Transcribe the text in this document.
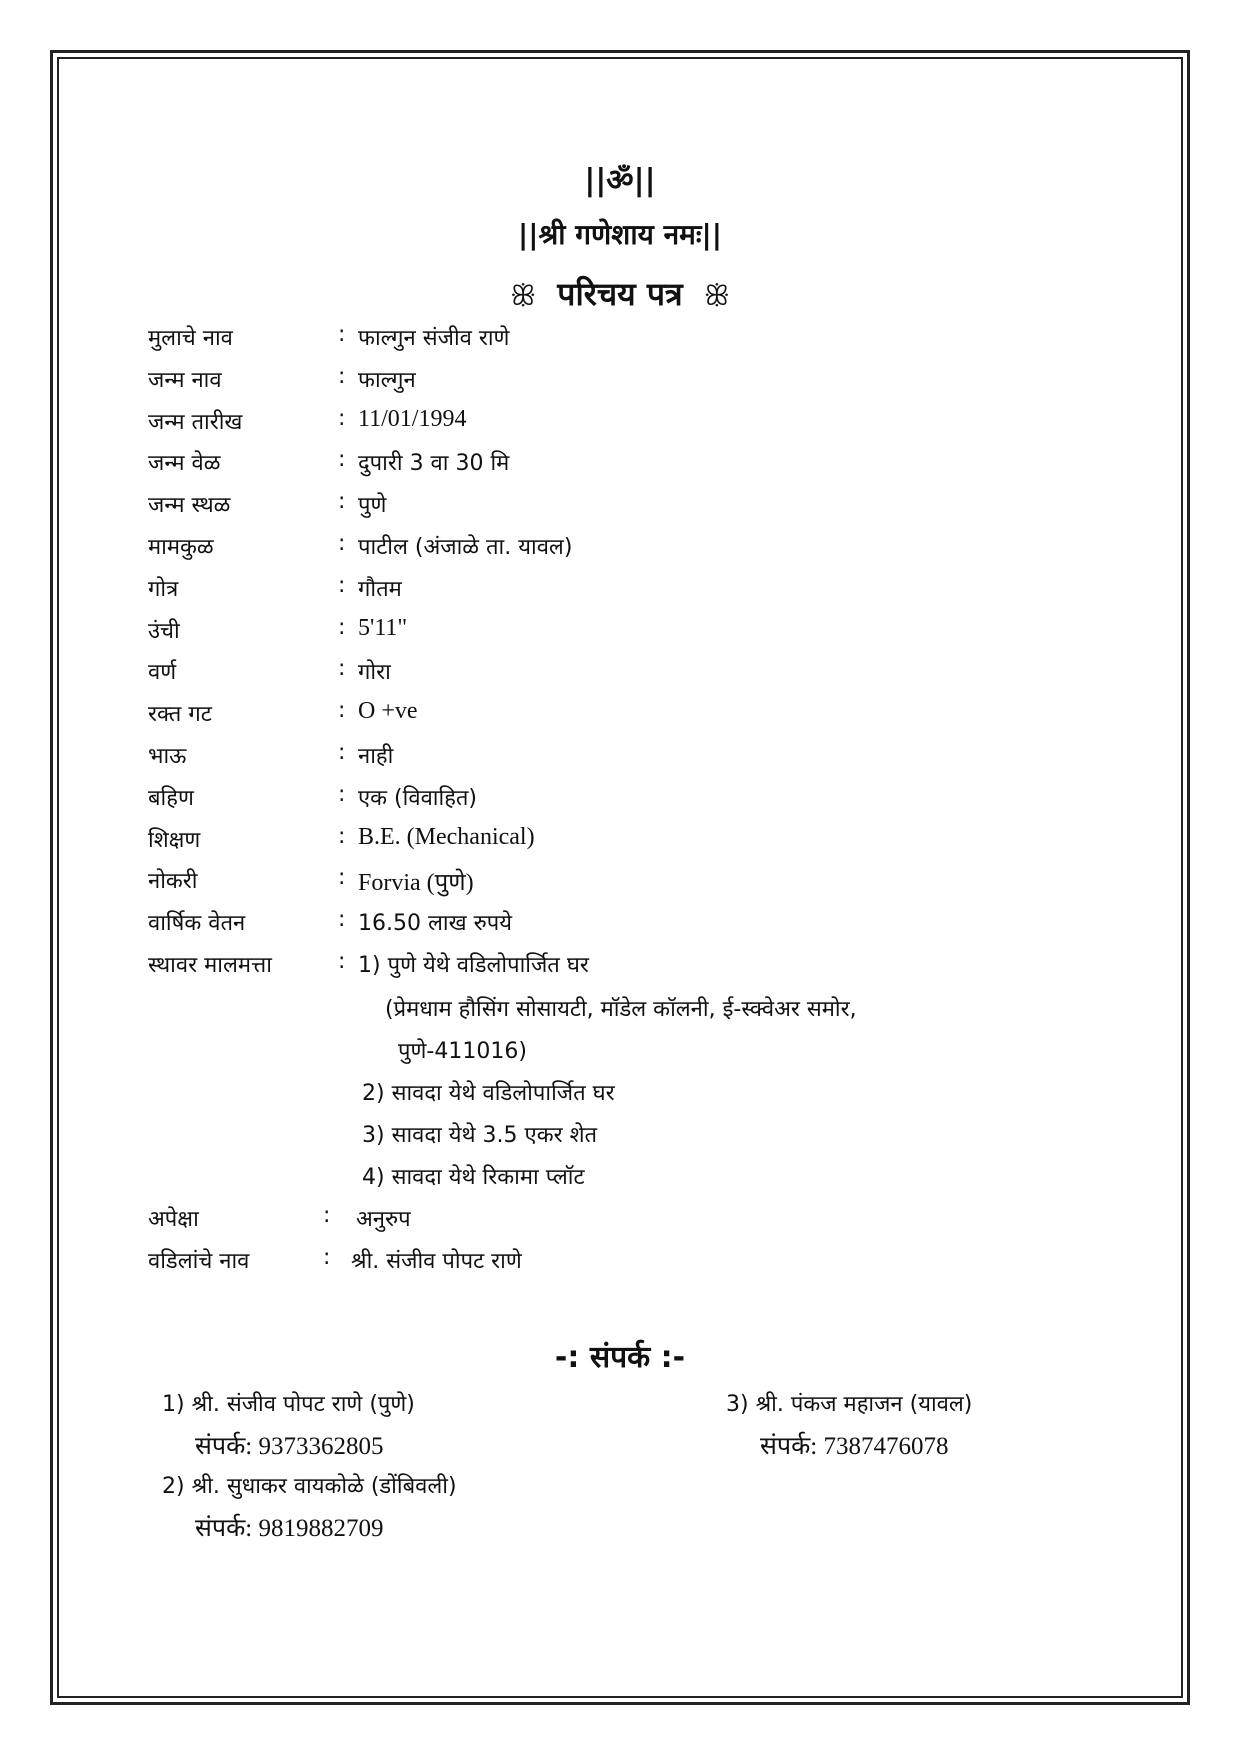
||ॐ||
||श्री गणेशाय नमः||
ꕥ परिचय पत्र ꕥ
मुलाचे नाव	: फाल्गुन संजीव राणे
जन्म नाव	: फाल्गुन
जन्म तारीख	: 11/01/1994
जन्म वेळ	: दुपारी 3 वा 30 मि
जन्म स्थळ	: पुणे
मामकुळ	: पाटील (अंजाळे ता. यावल)
गोत्र	: गौतम
उंची	: 5'11"
वर्ण	: गोरा
रक्त गट	: O +ve
भाऊ	: नाही
बहिण	: एक (विवाहित)
शिक्षण	: B.E. (Mechanical)
नोकरी	: Forvia (पुणे)
वार्षिक वेतन	: 16.50 लाख रुपये
स्थावर मालमत्ता	: 1) पुणे येथे वडिलोपार्जित घर
(प्रेमधाम हौसिंग सोसायटी, मॉडेल कॉलनी, ई-स्क्वेअर समोर,
पुणे-411016)
2) सावदा येथे वडिलोपार्जित घर
3) सावदा येथे 3.5 एकर शेत
4) सावदा येथे रिकामा प्लॉट
अपेक्षा	: अनुरुप
वडिलांचे नाव	: श्री. संजीव पोपट राणे
-: संपर्क :-
1) श्री. संजीव पोपट राणे (पुणे)
संपर्क: 9373362805
2) श्री. सुधाकर वायकोळे (डोंबिवली)
संपर्क: 9819882709
3) श्री. पंकज महाजन (यावल)
संपर्क: 7387476078
